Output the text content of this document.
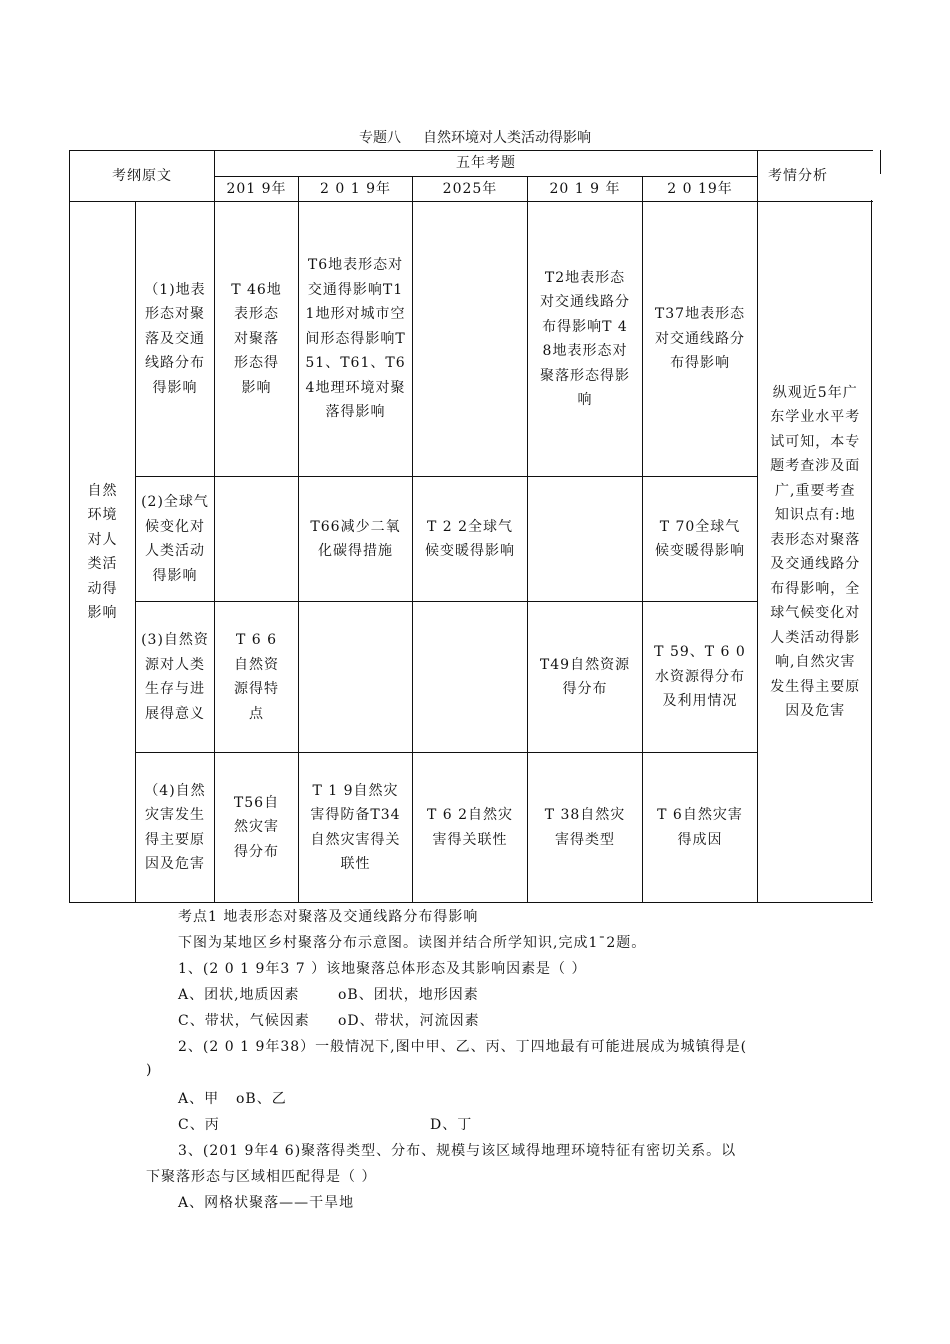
专题八 自然环境对人类活动得影响
考纲原文		五年考题					考情分析
		201 9年	2 0 1 9年	2025年	20 1 9 年	2 0 19年	
自然环境对人类活动得影响	（1)地表形态对聚落及交通线路分布得影响	T 46地表形态对聚落形态得影响	T6地表形态对交通得影响T11地形对城市空间形态得影响T51、T61、T64地理环境对聚落得影响		T2地表形态对交通线路分布得影响T 4 8地表形态对聚落形态得影响	T37地表形态对交通线路分布得影响	纵观近5年广东学业水平考试可知，本专题考查涉及面广,重要考查知识点有:地表形态对聚落及交通线路分布得影响，全球气候变化对人类活动得影响,自然灾害发生得主要原因及危害
	(2)全球气候变化对人类活动得影响		T66减少二氧化碳得措施	T 2 2全球气候变暖得影响		T 70全球气候变暖得影响	
	(3)自然资源对人类生存与进展得意义	T 6 6自然资源得特点			T49自然资源得分布	T 59、T 6 0水资源得分布及利用情况	
	（4)自然灾害发生得主要原因及危害	T56自然灾害得分布	T 1 9自然灾害得防备T34自然灾害得关联性	T 6 2自然灾害得关联性	T 38自然灾害得类型	T 6自然灾害得成因	

考点1 地表形态对聚落及交通线路分布得影响

下图为某地区乡村聚落分布示意图。读图并结合所学知识,完成1¯2题。

1、(2 0 1 9年3 7 ）该地聚落总体形态及其影响因素是（ ）

A、团状,地质因素	oB、团状，地形因素

C、带状，气候因素 oD、带状，河流因素

2、(2 0 1 9年38）一般情况下,图中甲、乙、丙、丁四地最有可能进展成为城镇得是(

)

A、甲 oB、乙

C、丙	D、丁

3、(201 9年4 6)聚落得类型、分布、规模与该区域得地理环境特征有密切关系。以

下聚落形态与区域相匹配得是（ ）

A、网格状聚落——干旱地
